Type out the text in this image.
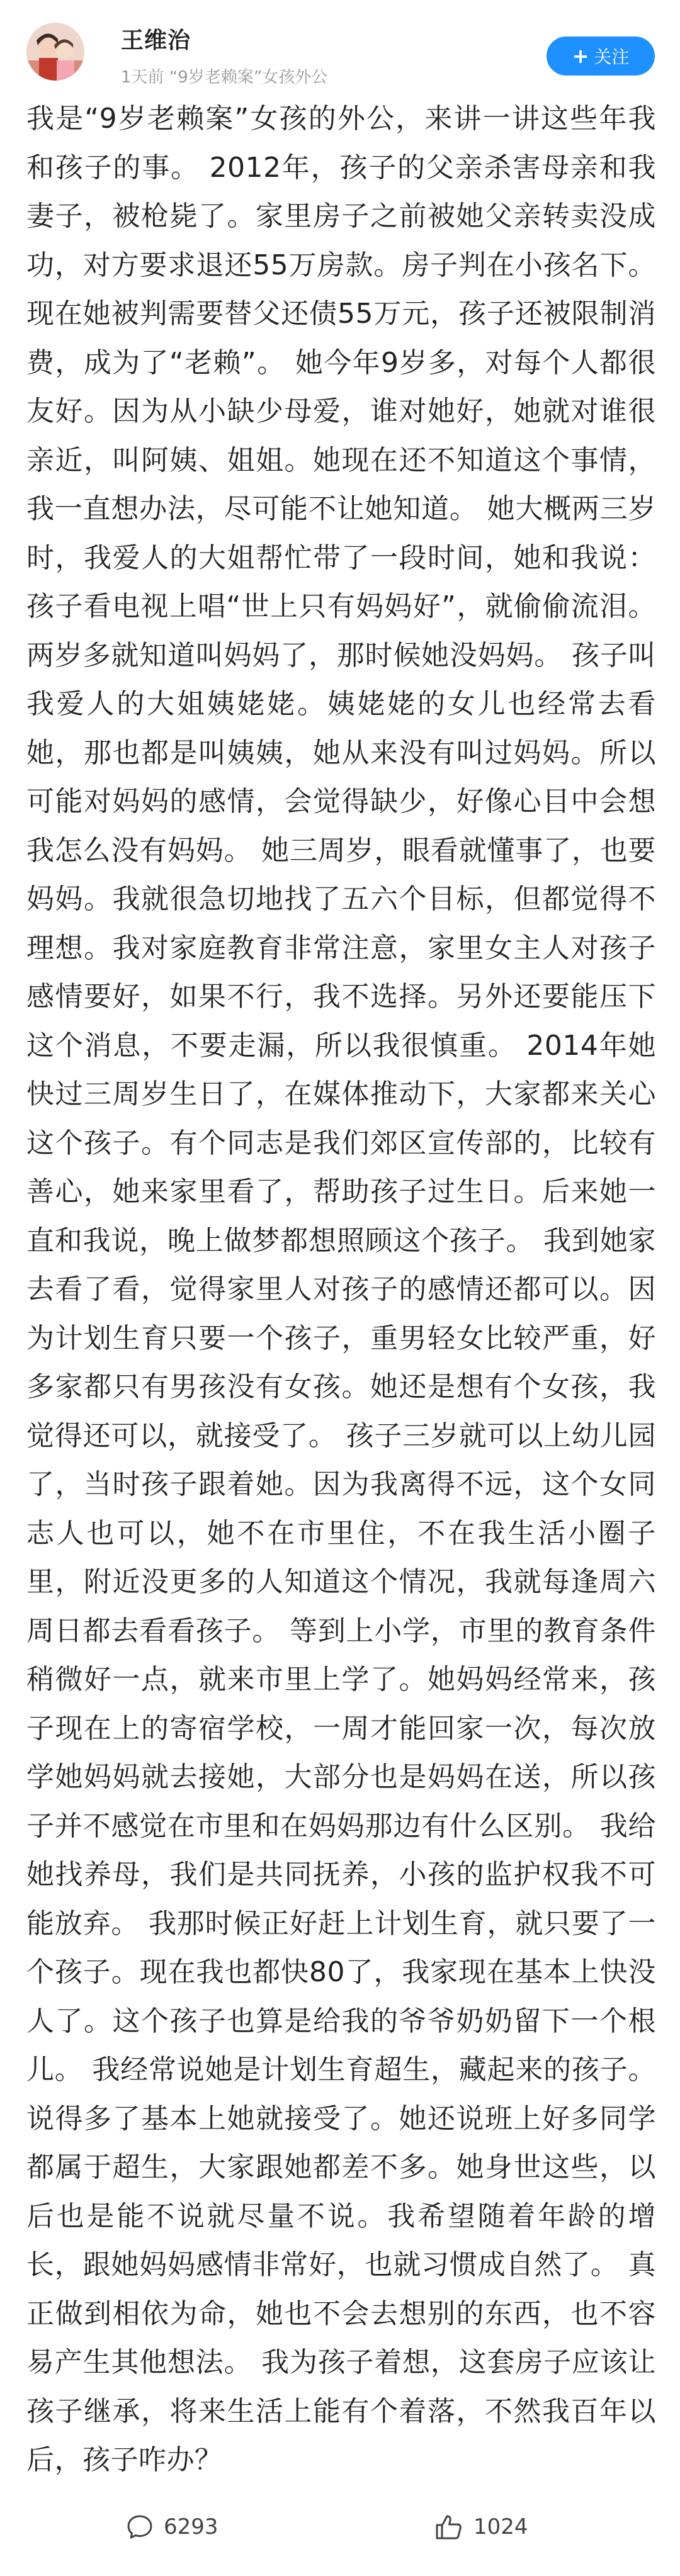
王维治
1天前 “9岁老赖案”女孩外公
+ 关注

我是“9岁老赖案”女孩的外公，来讲一讲这些年我和孩子的事。 2012年，孩子的父亲杀害母亲和我妻子，被枪毙了。家里房子之前被她父亲转卖没成功，对方要求退还55万房款。房子判在小孩名下。现在她被判需要替父还债55万元，孩子还被限制消费，成为了“老赖”。 她今年9岁多，对每个人都很友好。因为从小缺少母爱，谁对她好，她就对谁很亲近，叫阿姨、姐姐。她现在还不知道这个事情，我一直想办法，尽可能不让她知道。 她大概两三岁时，我爱人的大姐帮忙带了一段时间，她和我说：孩子看电视上唱“世上只有妈妈好”，就偷偷流泪。两岁多就知道叫妈妈了，那时候她没妈妈。 孩子叫我爱人的大姐姨姥姥。姨姥姥的女儿也经常去看她，那也都是叫姨姨，她从来没有叫过妈妈。所以可能对妈妈的感情，会觉得缺少，好像心目中会想我怎么没有妈妈。 她三周岁，眼看就懂事了，也要妈妈。我就很急切地找了五六个目标，但都觉得不理想。我对家庭教育非常注意，家里女主人对孩子感情要好，如果不行，我不选择。另外还要能压下这个消息，不要走漏，所以我很慎重。 2014年她快过三周岁生日了，在媒体推动下，大家都来关心这个孩子。有个同志是我们郊区宣传部的，比较有善心，她来家里看了，帮助孩子过生日。后来她一直和我说，晚上做梦都想照顾这个孩子。 我到她家去看了看，觉得家里人对孩子的感情还都可以。因为计划生育只要一个孩子，重男轻女比较严重，好多家都只有男孩没有女孩。她还是想有个女孩，我觉得还可以，就接受了。 孩子三岁就可以上幼儿园了，当时孩子跟着她。因为我离得不远，这个女同志人也可以，她不在市里住，不在我生活小圈子里，附近没更多的人知道这个情况，我就每逢周六周日都去看看孩子。 等到上小学，市里的教育条件稍微好一点，就来市里上学了。她妈妈经常来，孩子现在上的寄宿学校，一周才能回家一次，每次放学她妈妈就去接她，大部分也是妈妈在送，所以孩子并不感觉在市里和在妈妈那边有什么区别。 我给她找养母，我们是共同抚养，小孩的监护权我不可能放弃。 我那时候正好赶上计划生育，就只要了一个孩子。现在我也都快80了，我家现在基本上快没人了。这个孩子也算是给我的爷爷奶奶留下一个根儿。 我经常说她是计划生育超生，藏起来的孩子。说得多了基本上她就接受了。她还说班上好多同学都属于超生，大家跟她都差不多。她身世这些，以后也是能不说就尽量不说。我希望随着年龄的增长，跟她妈妈感情非常好，也就习惯成自然了。 真正做到相依为命，她也不会去想别的东西，也不容易产生其他想法。 我为孩子着想，这套房子应该让孩子继承，将来生活上能有个着落，不然我百年以后，孩子咋办？

6293	1024
